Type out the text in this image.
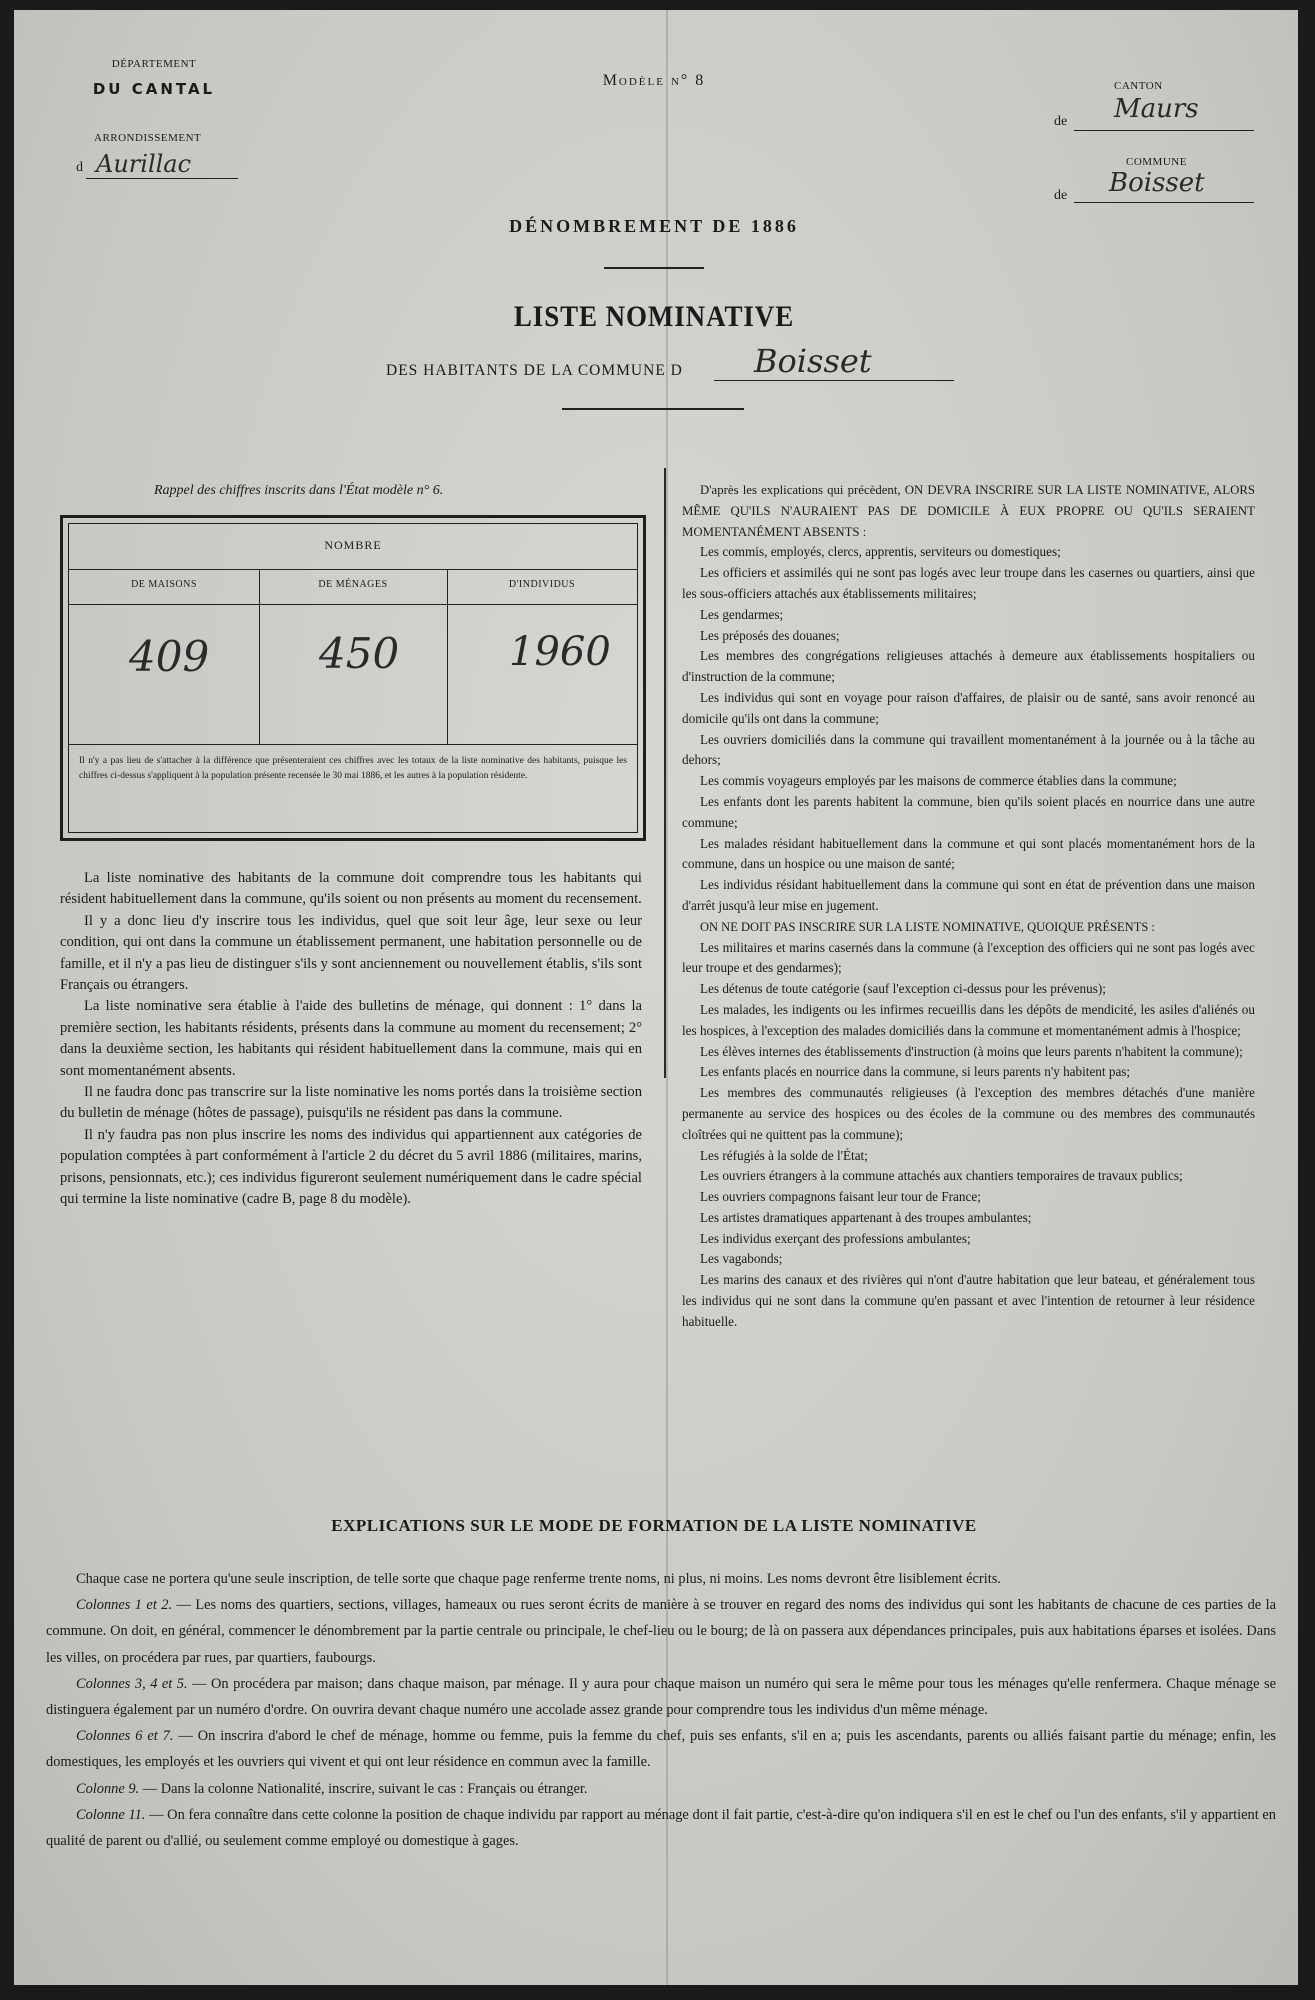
DÉPARTEMENT
DU CANTAL
ARRONDISSEMENT
d Aurillac
Modèle n° 8	CANTON
de Maurs
COMMUNE
de Boisset
DÉNOMBREMENT DE 1886
LISTE NOMINATIVE
DES HABITANTS DE LA COMMUNE D Boisset
Rappel des chiffres inscrits dans l'État modèle n° 6.
NOMBRE
DE MAISONS	DE MÉNAGES	D'INDIVIDUS
409	450	1960
Il n'y a pas lieu de s'attacher à la différence que présenteraient ces chiffres avec les totaux de la liste nominative des habitants, puisque les chiffres ci-dessus s'appliquent à la population présente recensée le 30 mai 1886, et les autres à la population résidente.

La liste nominative des habitants de la commune doit comprendre tous les habitants qui résident habituellement dans la commune, qu'ils soient ou non présents au moment du recensement.

Il y a donc lieu d'y inscrire tous les individus, quel que soit leur âge, leur sexe ou leur condition, qui ont dans la commune un établissement permanent, une habitation personnelle ou de famille, et il n'y a pas lieu de distinguer s'ils y sont anciennement ou nouvellement établis, s'ils sont Français ou étrangers.

La liste nominative sera établie à l'aide des bulletins de ménage, qui donnent : 1° dans la première section, les habitants résidents, présents dans la commune au moment du recensement; 2° dans la deuxième section, les habitants qui résident habituellement dans la commune, mais qui en sont momentanément absents.

Il ne faudra donc pas transcrire sur la liste nominative les noms portés dans la troisième section du bulletin de ménage (hôtes de passage), puisqu'ils ne résident pas dans la commune.

Il n'y faudra pas non plus inscrire les noms des individus qui appartiennent aux catégories de population comptées à part conformément à l'article 2 du décret du 5 avril 1886 (militaires, marins, prisons, pensionnats, etc.); ces individus figureront seulement numériquement dans le cadre spécial qui termine la liste nominative (cadre B, page 8 du modèle).

D'après les explications qui précèdent, ON DEVRA INSCRIRE SUR LA LISTE NOMINATIVE, ALORS MÊME QU'ILS N'AURAIENT PAS DE DOMICILE À EUX PROPRE OU QU'ILS SERAIENT MOMENTANÉMENT ABSENTS :
Les commis, employés, clercs, apprentis, serviteurs ou domestiques;
Les officiers et assimilés qui ne sont pas logés avec leur troupe dans les casernes ou quartiers, ainsi que les sous-officiers attachés aux établissements militaires;
Les gendarmes;
Les préposés des douanes;
Les membres des congrégations religieuses attachés à demeure aux établissements hospitaliers ou d'instruction de la commune;
Les individus qui sont en voyage pour raison d'affaires, de plaisir ou de santé, sans avoir renoncé au domicile qu'ils ont dans la commune;
Les ouvriers domiciliés dans la commune qui travaillent momentanément à la journée ou à la tâche au dehors;
Les commis voyageurs employés par les maisons de commerce établies dans la commune;
Les enfants dont les parents habitent la commune, bien qu'ils soient placés en nourrice dans une autre commune;
Les malades résidant habituellement dans la commune et qui sont placés momentanément hors de la commune, dans un hospice ou une maison de santé;
Les individus résidant habituellement dans la commune qui sont en état de prévention dans une maison d'arrêt jusqu'à leur mise en jugement.
ON NE DOIT PAS INSCRIRE SUR LA LISTE NOMINATIVE, QUOIQUE PRÉSENTS :
Les militaires et marins casernés dans la commune (à l'exception des officiers qui ne sont pas logés avec leur troupe et des gendarmes);
Les détenus de toute catégorie (sauf l'exception ci-dessus pour les prévenus);
Les malades, les indigents ou les infirmes recueillis dans les dépôts de mendicité, les asiles d'aliénés ou les hospices, à l'exception des malades domiciliés dans la commune et momentanément admis à l'hospice;
Les élèves internes des établissements d'instruction (à moins que leurs parents n'habitent la commune);
Les enfants placés en nourrice dans la commune, si leurs parents n'y habitent pas;
Les membres des communautés religieuses (à l'exception des membres détachés d'une manière permanente au service des hospices ou des écoles de la commune ou des membres des communautés cloîtrées qui ne quittent pas la commune);
Les réfugiés à la solde de l'État;
Les ouvriers étrangers à la commune attachés aux chantiers temporaires de travaux publics;
Les ouvriers compagnons faisant leur tour de France;
Les artistes dramatiques appartenant à des troupes ambulantes;
Les individus exerçant des professions ambulantes;
Les vagabonds;
Les marins des canaux et des rivières qui n'ont d'autre habitation que leur bateau, et généralement tous les individus qui ne sont dans la commune qu'en passant et avec l'intention de retourner à leur résidence habituelle.
EXPLICATIONS SUR LE MODE DE FORMATION DE LA LISTE NOMINATIVE
Chaque case ne portera qu'une seule inscription, de telle sorte que chaque page renferme trente noms, ni plus, ni moins. Les noms devront être lisiblement écrits.
Colonnes 1 et 2. — Les noms des quartiers, sections, villages, hameaux ou rues seront écrits de manière à se trouver en regard des noms des individus qui sont les habitants de chacune de ces parties de la commune. On doit, en général, commencer le dénombrement par la partie centrale ou principale, le chef-lieu ou le bourg; de là on passera aux dépendances principales, puis aux habitations éparses et isolées. Dans les villes, on procédera par rues, par quartiers, faubourgs.
Colonnes 3, 4 et 5. — On procédera par maison; dans chaque maison, par ménage. Il y aura pour chaque maison un numéro qui sera le même pour tous les ménages qu'elle renfermera. Chaque ménage se distinguera également par un numéro d'ordre. On ouvrira devant chaque numéro une accolade assez grande pour comprendre tous les individus d'un même ménage.
Colonnes 6 et 7. — On inscrira d'abord le chef de ménage, homme ou femme, puis la femme du chef, puis ses enfants, s'il en a; puis les ascendants, parents ou alliés faisant partie du ménage; enfin, les domestiques, les employés et les ouvriers qui vivent et qui ont leur résidence en commun avec la famille.
Colonne 9. — Dans la colonne Nationalité, inscrire, suivant le cas : Français ou étranger.
Colonne 11. — On fera connaître dans cette colonne la position de chaque individu par rapport au ménage dont il fait partie, c'est-à-dire qu'on indiquera s'il en est le chef ou l'un des enfants, s'il y appartient en qualité de parent ou d'allié, ou seulement comme employé ou domestique à gages.
